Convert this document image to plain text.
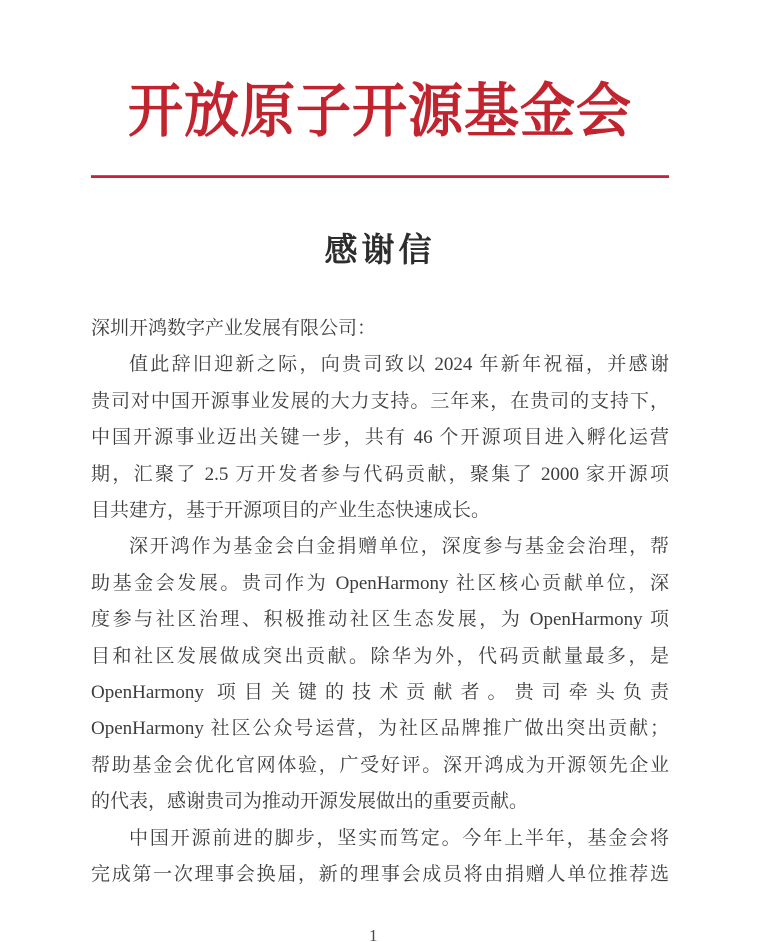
开放原子开源基金会
感谢信
深圳开鸿数字产业发展有限公司：
值此辞旧迎新之际，向贵司致以 2024 年新年祝福，并感谢
贵司对中国开源事业发展的大力支持。三年来，在贵司的支持下，
中国开源事业迈出关键一步，共有 46 个开源项目进入孵化运营
期，汇聚了 2.5 万开发者参与代码贡献，聚集了 2000 家开源项
目共建方，基于开源项目的产业生态快速成长。
深开鸿作为基金会白金捐赠单位，深度参与基金会治理，帮
助基金会发展。贵司作为 OpenHarmony 社区核心贡献单位，深
度参与社区治理、积极推动社区生态发展，为 OpenHarmony 项
目和社区发展做成突出贡献。除华为外，代码贡献量最多，是
OpenHarmony 项目关键的技术贡献者。贵司牵头负责
OpenHarmony 社区公众号运营，为社区品牌推广做出突出贡献；
帮助基金会优化官网体验，广受好评。深开鸿成为开源领先企业
的代表，感谢贵司为推动开源发展做出的重要贡献。
中国开源前进的脚步，坚实而笃定。今年上半年，基金会将
完成第一次理事会换届，新的理事会成员将由捐赠人单位推荐选
1
